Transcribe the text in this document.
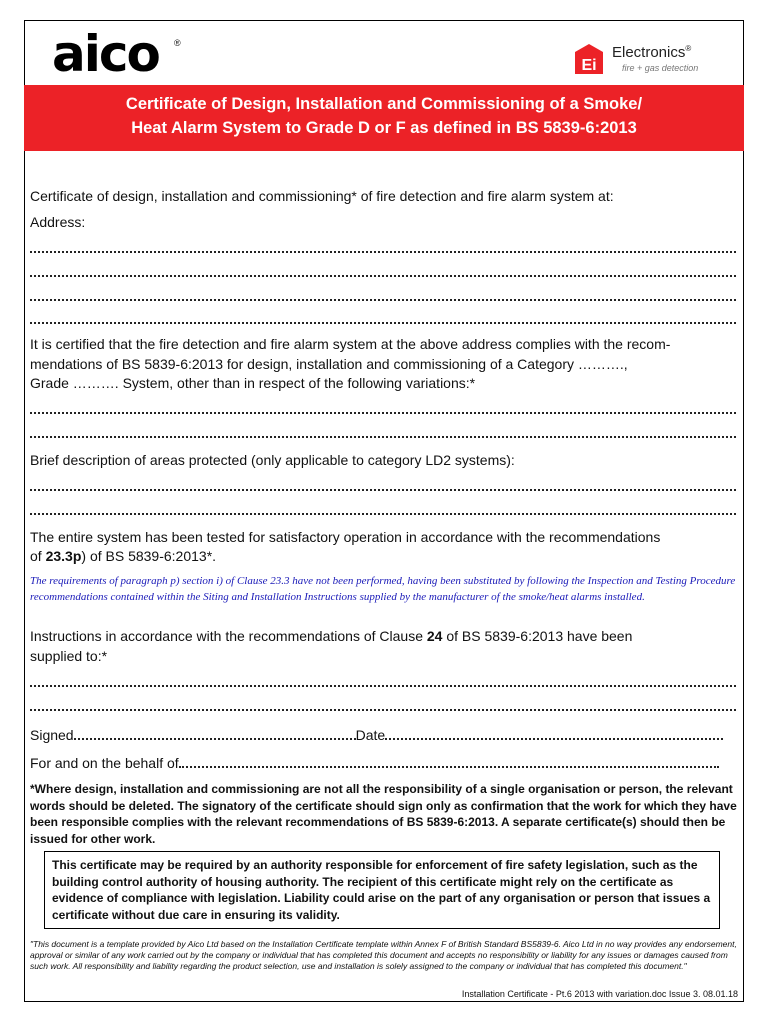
aico ®
Ei
Electronics®
fire + gas detection
Certificate of Design, Installation and Commissioning of a Smoke/
Heat Alarm System to Grade D or F as defined in BS 5839-6:2013
Certificate of design, installation and commissioning* of fire detection and fire alarm system at:
Address:
It is certified that the fire detection and fire alarm system at the above address complies with the recom-
mendations of BS 5839-6:2013 for design, installation and commissioning of a Category ……….,
Grade ………. System, other than in respect of the following variations:*
Brief description of areas protected (only applicable to category LD2 systems):
The entire system has been tested for satisfactory operation in accordance with the recommendations
of 23.3p) of BS 5839-6:2013*.
The requirements of paragraph p) section i) of Clause 23.3 have not been performed, having been substituted by following the Inspection and Testing Procedure recommendations contained within the Siting and Installation Instructions supplied by the manufacturer of the smoke/heat alarms installed.
Instructions in accordance with the recommendations of Clause 24 of BS 5839-6:2013 have been
supplied to:*
Signed	Date
For and on the behalf of
*Where design, installation and commissioning are not all the responsibility of a single organisation or person, the relevant words should be deleted. The signatory of the certificate should sign only as confirmation that the work for which they have been responsible complies with the relevant recommendations of BS 5839-6:2013. A separate certificate(s) should then be issued for other work.
This certificate may be required by an authority responsible for enforcement of fire safety legislation, such as the building control authority of housing authority. The recipient of this certificate might rely on the certificate as evidence of compliance with legislation. Liability could arise on the part of any organisation or person that issues a certificate without due care in ensuring its validity.
"This document is a template provided by Aico Ltd based on the Installation Certificate template within Annex F of British Standard BS5839-6. Aico Ltd in no way provides any endorsement, approval or similar of any work carried out by the company or individual that has completed this document and accepts no responsibility or liability for any issues or damages caused from such work. All responsibility and liability regarding the product selection, use and installation is solely assigned to the company or individual that has completed this document."
Installation Certificate - Pt.6 2013 with variation.doc Issue 3. 08.01.18
